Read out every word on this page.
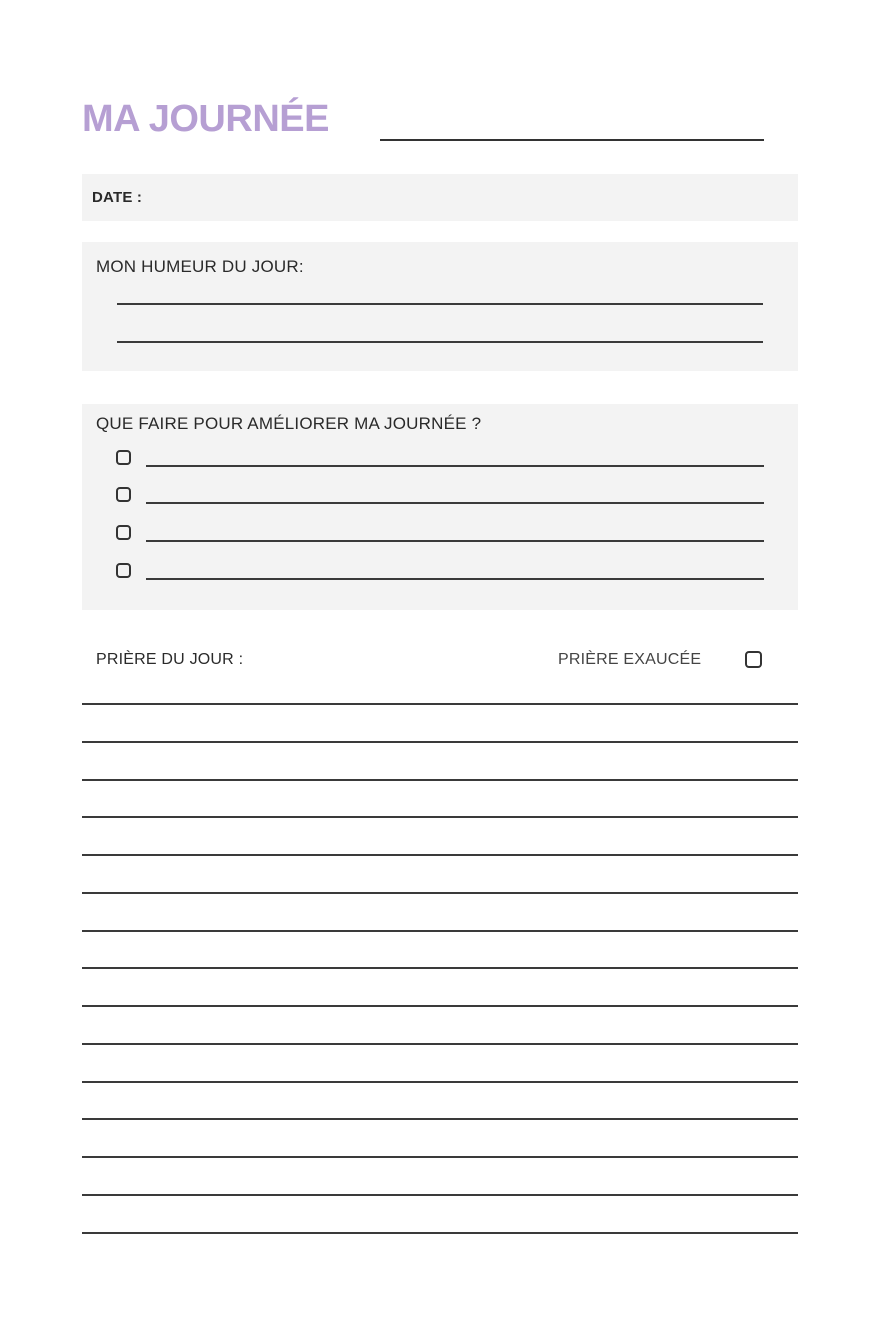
MA JOURNÉE
DATE :
MON HUMEUR DU JOUR:
QUE FAIRE POUR AMÉLIORER MA JOURNÉE ?
PRIÈRE DU JOUR :	PRIÈRE EXAUCÉE
